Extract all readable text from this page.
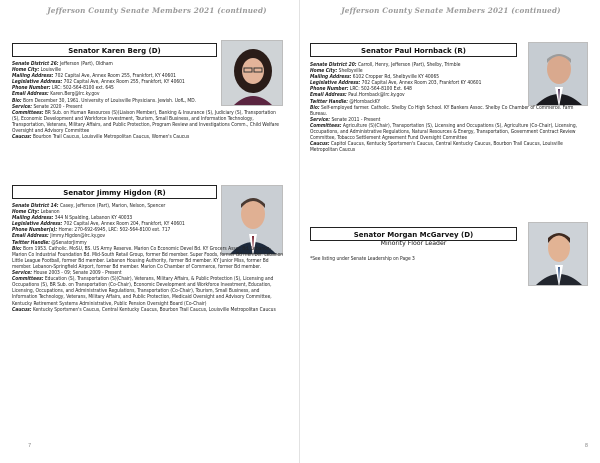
Jefferson County Senate Members 2021 (continued)
Senator Karen Berg (D)

Senate District 26: Jefferson (Part), Oldham

Home City: Louisville

Mailing Address: 702 Capital Ave, Annex Room 255, Frankfort, KY 40601

Legislative Address: 702 Capital Ave, Annex Room 255, Frankfort, KY 40601

Phone Number: LRC: 502-564-8100 ext. 645

Email Address: Karen.Berg@lrc.ky.gov

Bio: Born December 30, 1961. University of Louisville Physicians. Jewish. UofL, MD.

Service: Senate 2020 - Present

Committees: BR Sub. on Human Resources (S)(Liaison Member), Banking & Insurance (S), Judiciary (S), Transportation (S), Economic Development and Workforce Investment, Tourism, Small Business, and Information Technology, Transportation, Veterans, Military Affairs, and Public Protection, Program Review and Investigations Comm., Child Welfare Oversight and Advisory Committee

Caucus: Bourbon Trail Caucus, Louisville Metropolitan Caucus, Women's Caucus

Senator Jimmy Higdon (R)

Senate District 14: Casey, Jefferson (Part), Marion, Nelson, Spencer

Home City: Lebanon

Mailing Address: 344 N Spalding, Lebanon KY 40033

Legislative Address: 702 Capital Ave, Annex Room 204, Frankfort, KY 40601

Phone Number(s): Home: 270-692-6945, LRC: 502-564-8100 ext. 717

Email Address: Jimmy.Higdon@lrc.ky.gov

Twitter Handle: @SenatorJimmy

Bio: Born 1953. Catholic. MoSU, BS. US Army Reserve. Marion Co Economic Devel Bd. KY Grocers Assoc Bd. Lebanon-Marion Co Industrial Foundation Bd. Mid-South Retail Group, former Bd member. Super Foods, former Bd member. Lebanon Little League Football, former Bd member. Lebanon Housing Authority, former Bd member. KY Junior Miss, former Bd member. Lebanon-Springfield Airport, former Bd member. Marion Co Chamber of Commerce, former Bd member.

Service: House 2003 - 09; Senate 2009 - Present

Committees: Education (S), Transportation (S)(Chair), Veterans, Military Affairs, & Public Protection (S), Licensing and Occupations (S), BR Sub. on Transportation (Co-Chair), Economic Development and Workforce Investment, Education, Licensing, Occupations, and Administrative Regulations, Transportation (Co-Chair), Tourism, Small Business, and Information Technology, Veterans, Military Affairs, and Public Protection, Medicaid Oversight and Advisory Committee, Kentucky Retirement Systems Administrative, Public Pension Oversight Board (Co-Chair)

Caucus: Kentucky Sportsmen's Caucus, Central Kentucky Caucus, Bourbon Trail Caucus, Louisville Metropolitan Caucus

7
Jefferson County Senate Members 2021 (continued)
Senator Paul Hornback (R)

Senate District 20: Carroll, Henry, Jefferson (Part), Shelby, Trimble

Home City: Shelbyville

Mailing Address: 6102 Cropper Rd, Shelbyville KY 40065

Legislative Address: 702 Capital Ave, Annex Room 203, Frankfort KY 40601

Phone Number: LRC: 502-564-8100 Ext. 648

Email Address: Paul.Hornback@lrc.ky.gov

Twitter Handle: @HornbackKY

Bio: Self-employed farmer. Catholic. Shelby Co High School. KY Bankers Assoc. Shelby Co Chamber of Commerce. Farm Bureau.

Service: Senate 2011 - Present

Committees: Agriculture (S)(Chair), Transportation (S), Licensing and Occupations (S), Agriculture (Co-Chair), Licensing, Occupations, and Administrative Regulations, Natural Resources & Energy, Transportation, Government Contract Review Committee, Tobacco Settlement Agreement Fund Oversight Committee

Caucus: Capitol Caucus, Kentucky Sportsmen's Caucus, Central Kentucky Caucus, Bourbon Trail Caucus, Louisville Metropolitan Caucus

Senator Morgan McGarvey (D)
Minority Floor Leader

*See listing under Senate Leadership on Page 3

8
